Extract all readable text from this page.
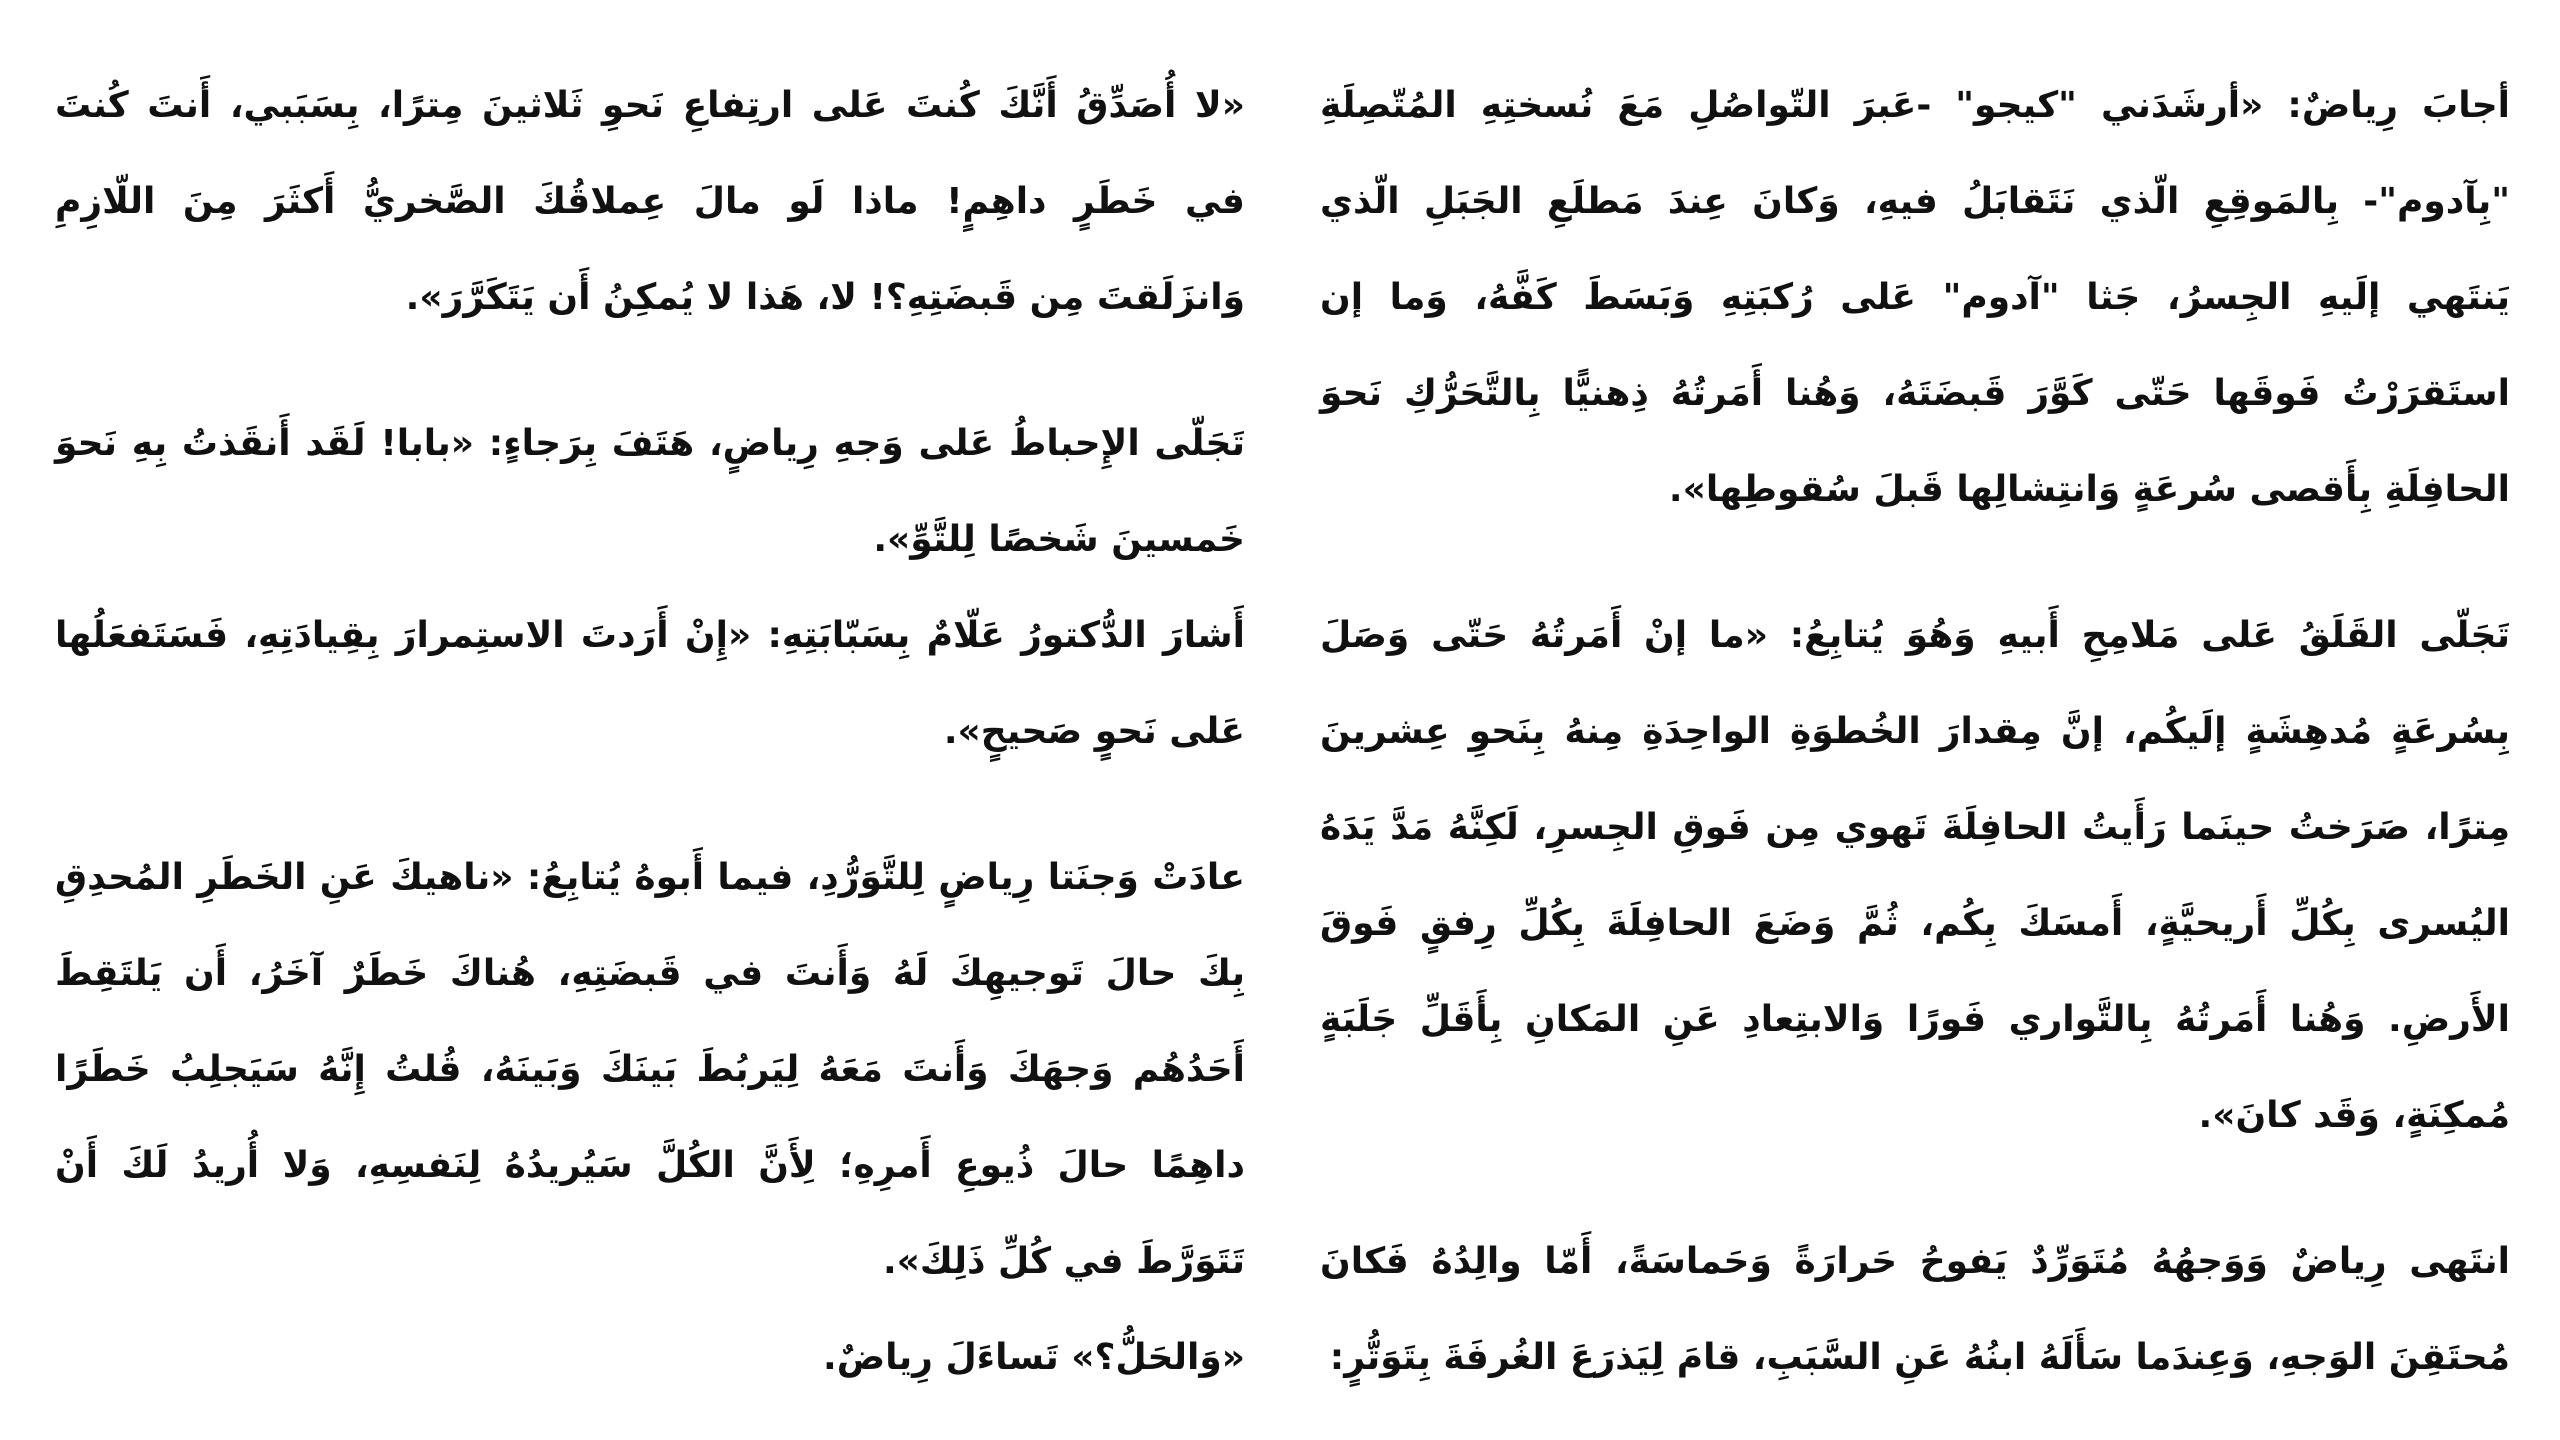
أجابَ رِياضٌ: «أرشَدَني "كيجو" -عَبرَ التّواصُلِ مَعَ نُسختِهِ المُتّصِلَةِ "بِآدوم"- بِالمَوقِعِ الّذي نَتَقابَلُ فيهِ، وَكانَ عِندَ مَطلَعِ الجَبَلِ الّذي يَنتَهي إلَيهِ الجِسرُ، جَثا "آدوم" عَلى رُكبَتِهِ وَبَسَطَ كَفَّهُ، وَما إن استَقرَرْتُ فَوقَها حَتّى كَوَّرَ قَبضَتَهُ، وَهُنا أَمَرتُهُ ذِهنيًّا بِالتَّحَرُّكِ نَحوَ الحافِلَةِ بِأَقصى سُرعَةٍ وَانتِشالِها قَبلَ سُقوطِها».

تَجَلّى القَلَقُ عَلى مَلامِحِ أَبيهِ وَهُوَ يُتابِعُ: «ما إنْ أَمَرتُهُ حَتّى وَصَلَ بِسُرعَةٍ مُدهِشَةٍ إلَيكُم، إنَّ مِقدارَ الخُطوَةِ الواحِدَةِ مِنهُ بِنَحوِ عِشرينَ مِترًا، صَرَختُ حينَما رَأَيتُ الحافِلَةَ تَهوي مِن فَوقِ الجِسرِ، لَكِنَّهُ مَدَّ يَدَهُ اليُسرى بِكُلِّ أَريحيَّةٍ، أَمسَكَ بِكُم، ثُمَّ وَضَعَ الحافِلَةَ بِكُلِّ رِفقٍ فَوقَ الأَرضِ. وَهُنا أَمَرتُهُ بِالتَّواري فَورًا وَالابتِعادِ عَنِ المَكانِ بِأَقَلِّ جَلَبَةٍ مُمكِنَةٍ، وَقَد كانَ».

انتَهى رِياضٌ وَوَجهُهُ مُتَوَرِّدٌ يَفوحُ حَرارَةً وَحَماسَةً، أَمّا والِدُهُ فَكانَ مُحتَقِنَ الوَجهِ، وَعِندَما سَأَلَهُ ابنُهُ عَنِ السَّبَبِ، قامَ لِيَذرَعَ الغُرفَةَ بِتَوَتُّرٍ:

«لا أُصَدِّقُ أَنَّكَ كُنتَ عَلى ارتِفاعِ نَحوِ ثَلاثينَ مِترًا، بِسَبَبي، أَنتَ كُنتَ في خَطَرٍ داهِمٍ! ماذا لَو مالَ عِملاقُكَ الصَّخريُّ أَكثَرَ مِنَ اللّازِمِ وَانزَلَقتَ مِن قَبضَتِهِ؟! لا، هَذا لا يُمكِنُ أَن يَتَكَرَّرَ».

تَجَلّى الإِحباطُ عَلى وَجهِ رِياضٍ، هَتَفَ بِرَجاءٍ: «بابا! لَقَد أَنقَذتُ بِهِ نَحوَ خَمسينَ شَخصًا لِلتَّوِّ».

أَشارَ الدُّكتورُ عَلّامٌ بِسَبّابَتِهِ: «إِنْ أَرَدتَ الاستِمرارَ بِقِيادَتِهِ، فَسَتَفعَلُها عَلى نَحوٍ صَحيحٍ».

عادَتْ وَجنَتا رِياضٍ لِلتَّوَرُّدِ، فيما أَبوهُ يُتابِعُ: «ناهيكَ عَنِ الخَطَرِ المُحدِقِ بِكَ حالَ تَوجيهِكَ لَهُ وَأَنتَ في قَبضَتِهِ، هُناكَ خَطَرٌ آخَرُ، أَن يَلتَقِطَ أَحَدُهُم وَجهَكَ وَأَنتَ مَعَهُ لِيَربُطَ بَينَكَ وَبَينَهُ، قُلتُ إِنَّهُ سَيَجلِبُ خَطَرًا داهِمًا حالَ ذُيوعِ أَمرِهِ؛ لِأَنَّ الكُلَّ سَيُريدُهُ لِنَفسِهِ، وَلا أُريدُ لَكَ أَنْ تَتَوَرَّطَ في كُلِّ ذَلِكَ».

«وَالحَلُّ؟» تَساءَلَ رِياضٌ.
